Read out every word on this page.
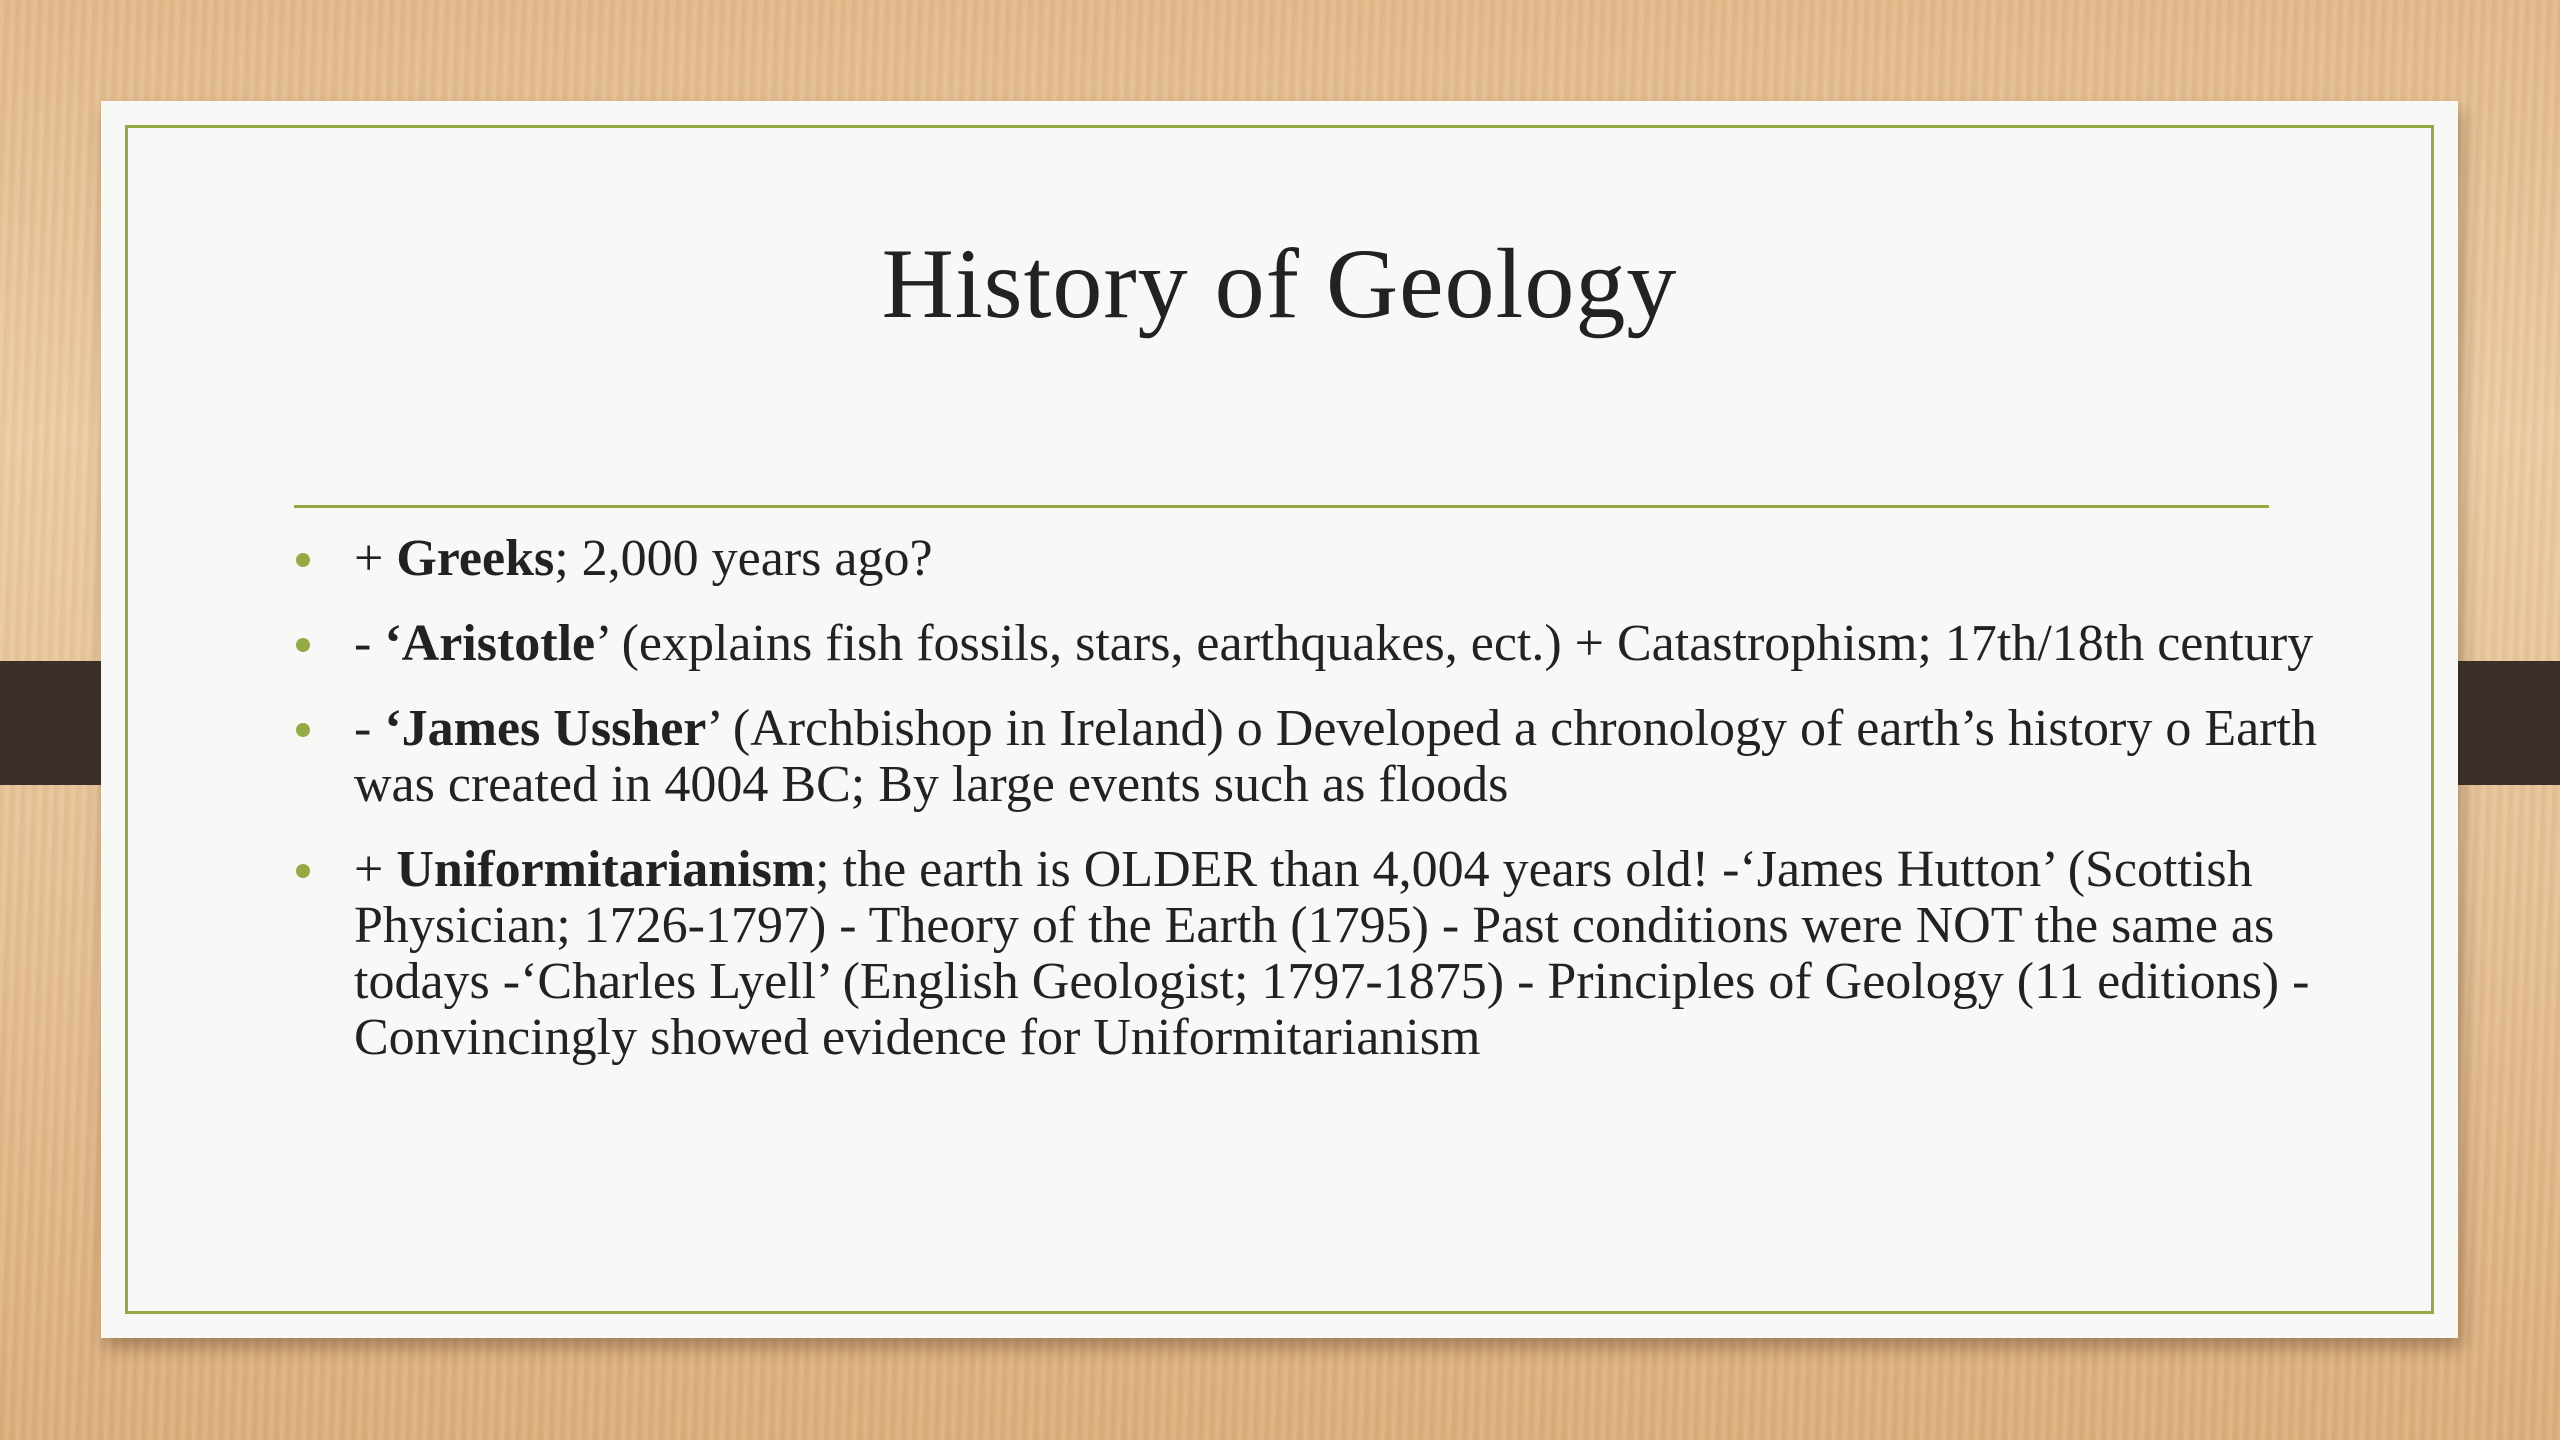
History of Geology
+ Greeks; 2,000 years ago?
- ‘Aristotle’ (explains fish fossils, stars, earthquakes, ect.) + Catastrophism; 17th/18th century
- ‘James Ussher’ (Archbishop in Ireland) o Developed a chronology of earth’s history o Earth was created in 4004 BC; By large events such as floods
+ Uniformitarianism; the earth is OLDER than 4,004 years old! -‘James Hutton’ (Scottish Physician; 1726-1797) - Theory of the Earth (1795) - Past conditions were NOT the same as todays -‘Charles Lyell’ (English Geologist; 1797-1875) - Principles of Geology (11 editions) -Convincingly showed evidence for Uniformitarianism
